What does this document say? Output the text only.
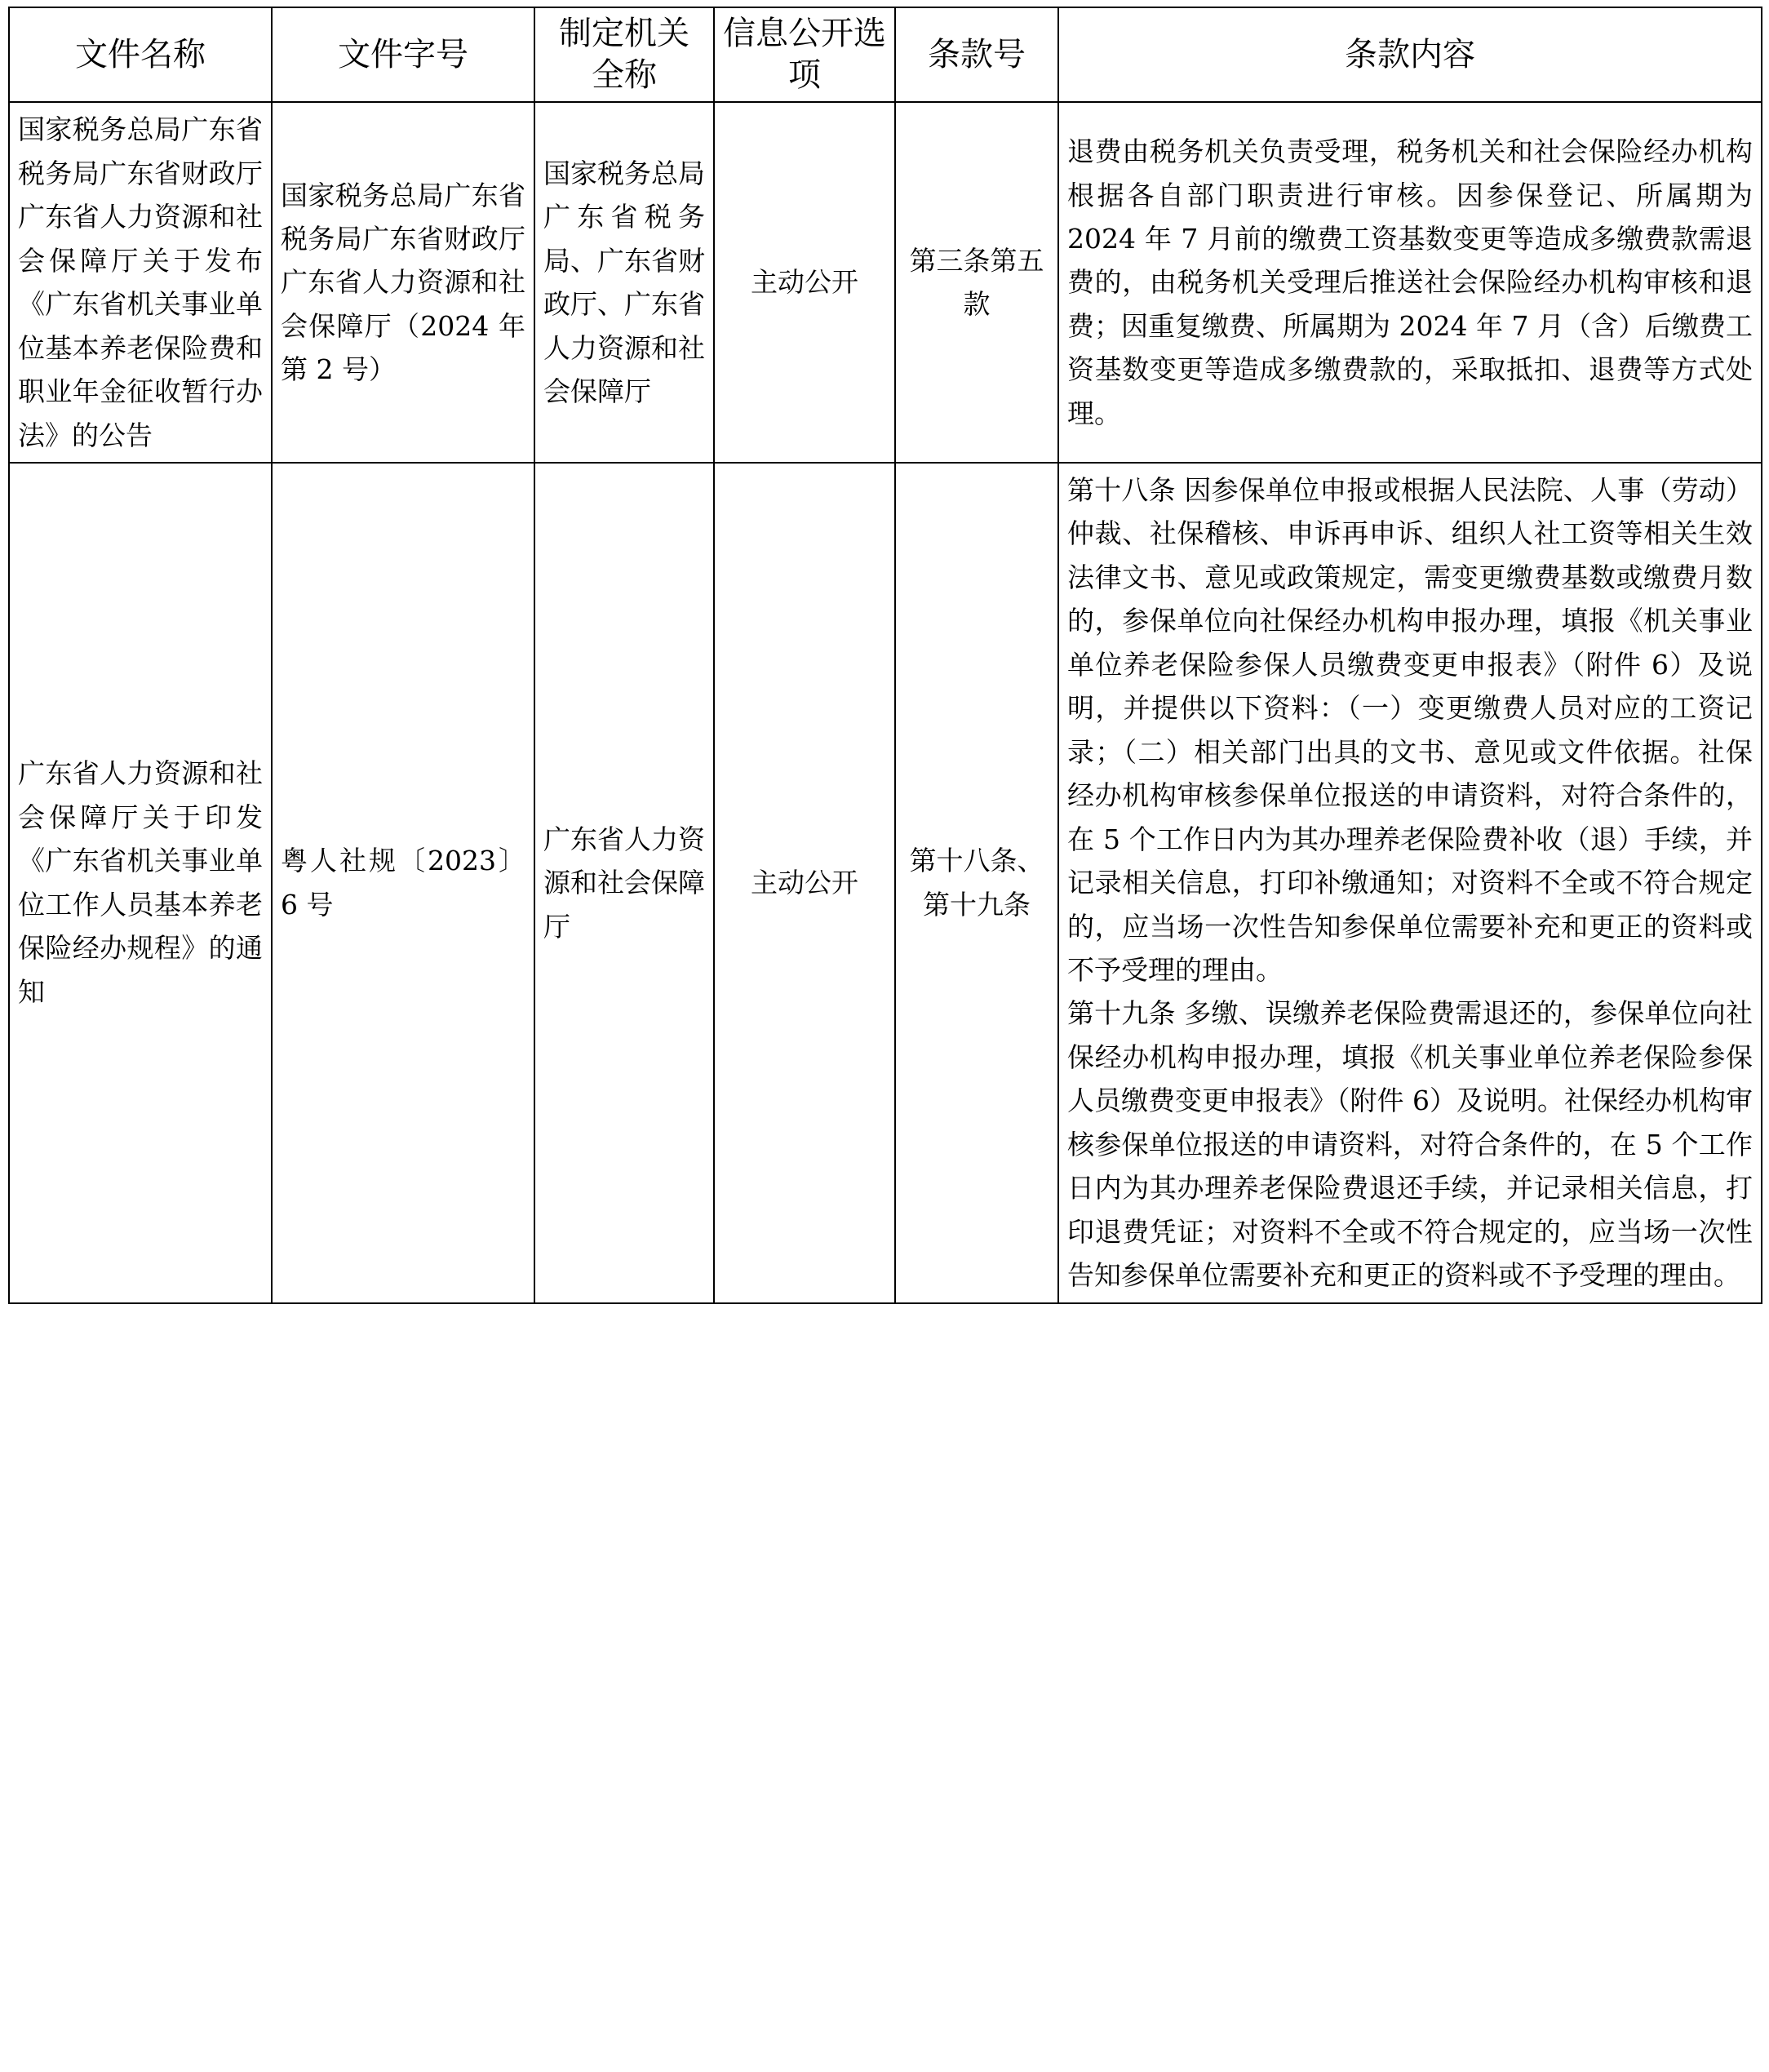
文件名称	文件字号	制定机关全称	信息公开选项	条款号	条款内容
国家税务总局广东省税务局广东省财政厅广东省人力资源和社会保障厅关于发布《广东省机关事业单位基本养老保险费和职业年金征收暂行办法》的公告	国家税务总局广东省税务局广东省财政厅广东省人力资源和社会保障厅（2024 年第 2 号）	国家税务总局广东省税务局、广东省财政厅、广东省人力资源和社会保障厅	主动公开	第三条第五款	退费由税务机关负责受理，税务机关和社会保险经办机构根据各自部门职责进行审核。因参保登记、所属期为 2024 年 7 月前的缴费工资基数变更等造成多缴费款需退费的，由税务机关受理后推送社会保险经办机构审核和退费；因重复缴费、所属期为 2024 年 7 月（含）后缴费工资基数变更等造成多缴费款的，采取抵扣、退费等方式处理。
广东省人力资源和社会保障厅关于印发《广东省机关事业单位工作人员基本养老保险经办规程》的通知	粤人社规〔2023〕6 号	广东省人力资源和社会保障厅	主动公开	第十八条、第十九条	第十八条 因参保单位申报或根据人民法院、人事（劳动）仲裁、社保稽核、申诉再申诉、组织人社工资等相关生效法律文书、意见或政策规定，需变更缴费基数或缴费月数的，参保单位向社保经办机构申报办理，填报《机关事业单位养老保险参保人员缴费变更申报表》（附件 6）及说明，并提供以下资料：（一）变更缴费人员对应的工资记录；（二）相关部门出具的文书、意见或文件依据。社保经办机构审核参保单位报送的申请资料，对符合条件的，在 5 个工作日内为其办理养老保险费补收（退）手续，并记录相关信息，打印补缴通知；对资料不全或不符合规定的，应当场一次性告知参保单位需要补充和更正的资料或不予受理的理由。

第十九条 多缴、误缴养老保险费需退还的，参保单位向社保经办机构申报办理，填报《机关事业单位养老保险参保人员缴费变更申报表》（附件 6）及说明。社保经办机构审核参保单位报送的申请资料，对符合条件的，在 5 个工作日内为其办理养老保险费退还手续，并记录相关信息，打印退费凭证；对资料不全或不符合规定的，应当场一次性告知参保单位需要补充和更正的资料或不予受理的理由。
